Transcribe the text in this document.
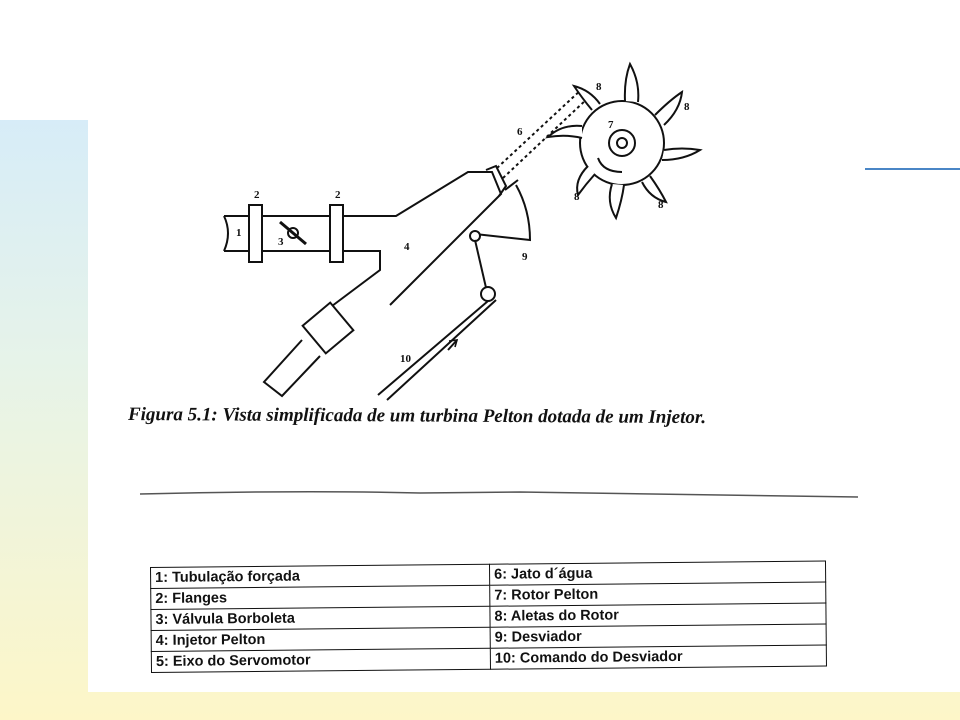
1
2	2
3	4
6
7
8
8
8
8
9
10
Figura 5.1: Vista simplificada de um turbina Pelton dotada de um Injetor.
1: Tubulação forçada	6: Jato d´água
2: Flanges	7: Rotor Pelton
3: Válvula Borboleta	8: Aletas do Rotor
4: Injetor Pelton	9: Desviador
5: Eixo do Servomotor	10: Comando do Desviador
